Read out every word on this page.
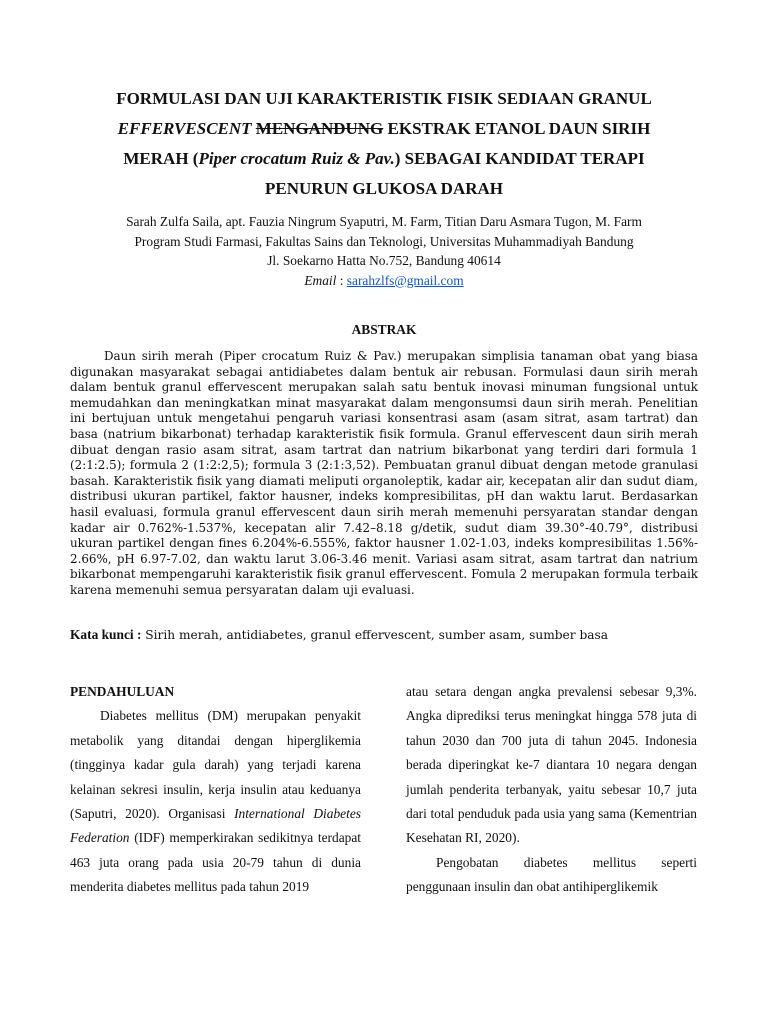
FORMULASI DAN UJI KARAKTERISTIK FISIK SEDIAAN GRANUL
EFFERVESCENT MENGANDUNG EKSTRAK ETANOL DAUN SIRIH
MERAH (Piper crocatum Ruiz & Pav.) SEBAGAI KANDIDAT TERAPI
PENURUN GLUKOSA DARAH
Sarah Zulfa Saila, apt. Fauzia Ningrum Syaputri, M. Farm, Titian Daru Asmara Tugon, M. Farm
Program Studi Farmasi, Fakultas Sains dan Teknologi, Universitas Muhammadiyah Bandung
Jl. Soekarno Hatta No.752, Bandung 40614
Email : sarahzlfs@gmail.com
ABSTRAK
Daun sirih merah (Piper crocatum Ruiz & Pav.) merupakan simplisia tanaman obat yang biasa digunakan masyarakat sebagai antidiabetes dalam bentuk air rebusan. Formulasi daun sirih merah dalam bentuk granul effervescent merupakan salah satu bentuk inovasi minuman fungsional untuk memudahkan dan meningkatkan minat masyarakat dalam mengonsumsi daun sirih merah. Penelitian ini bertujuan untuk mengetahui pengaruh variasi konsentrasi asam (asam sitrat, asam tartrat) dan basa (natrium bikarbonat) terhadap karakteristik fisik formula. Granul effervescent daun sirih merah dibuat dengan rasio asam sitrat, asam tartrat dan natrium bikarbonat yang terdiri dari formula 1 (2:1:2.5); formula 2 (1:2:2,5); formula 3 (2:1:3,52). Pembuatan granul dibuat dengan metode granulasi basah. Karakteristik fisik yang diamati meliputi organoleptik, kadar air, kecepatan alir dan sudut diam, distribusi ukuran partikel, faktor hausner, indeks kompresibilitas, pH dan waktu larut. Berdasarkan hasil evaluasi, formula granul effervescent daun sirih merah memenuhi persyaratan standar dengan kadar air 0.762%-1.537%, kecepatan alir 7.42–8.18 g/detik, sudut diam 39.30°-40.79°, distribusi ukuran partikel dengan fines 6.204%-6.555%, faktor hausner 1.02-1.03, indeks kompresibilitas 1.56%- 2.66%, pH 6.97-7.02, dan waktu larut 3.06-3.46 menit. Variasi asam sitrat, asam tartrat dan natrium bikarbonat mempengaruhi karakteristik fisik granul effervescent. Fomula 2 merupakan formula terbaik karena memenuhi semua persyaratan dalam uji evaluasi.
Kata kunci : Sirih merah, antidiabetes, granul effervescent, sumber asam, sumber basa
PENDAHULUAN

Diabetes mellitus (DM) merupakan penyakit metabolik yang ditandai dengan hiperglikemia (tingginya kadar gula darah) yang terjadi karena kelainan sekresi insulin, kerja insulin atau keduanya (Saputri, 2020). Organisasi International Diabetes Federation (IDF) memperkirakan sedikitnya terdapat 463 juta orang pada usia 20-79 tahun di dunia menderita diabetes mellitus pada tahun 2019

atau setara dengan angka prevalensi sebesar 9,3%. Angka diprediksi terus meningkat hingga 578 juta di tahun 2030 dan 700 juta di tahun 2045. Indonesia berada diperingkat ke-7 diantara 10 negara dengan jumlah penderita terbanyak, yaitu sebesar 10,7 juta dari total penduduk pada usia yang sama (Kementrian Kesehatan RI, 2020).

Pengobatan diabetes mellitus seperti penggunaan insulin dan obat antihiperglikemik
